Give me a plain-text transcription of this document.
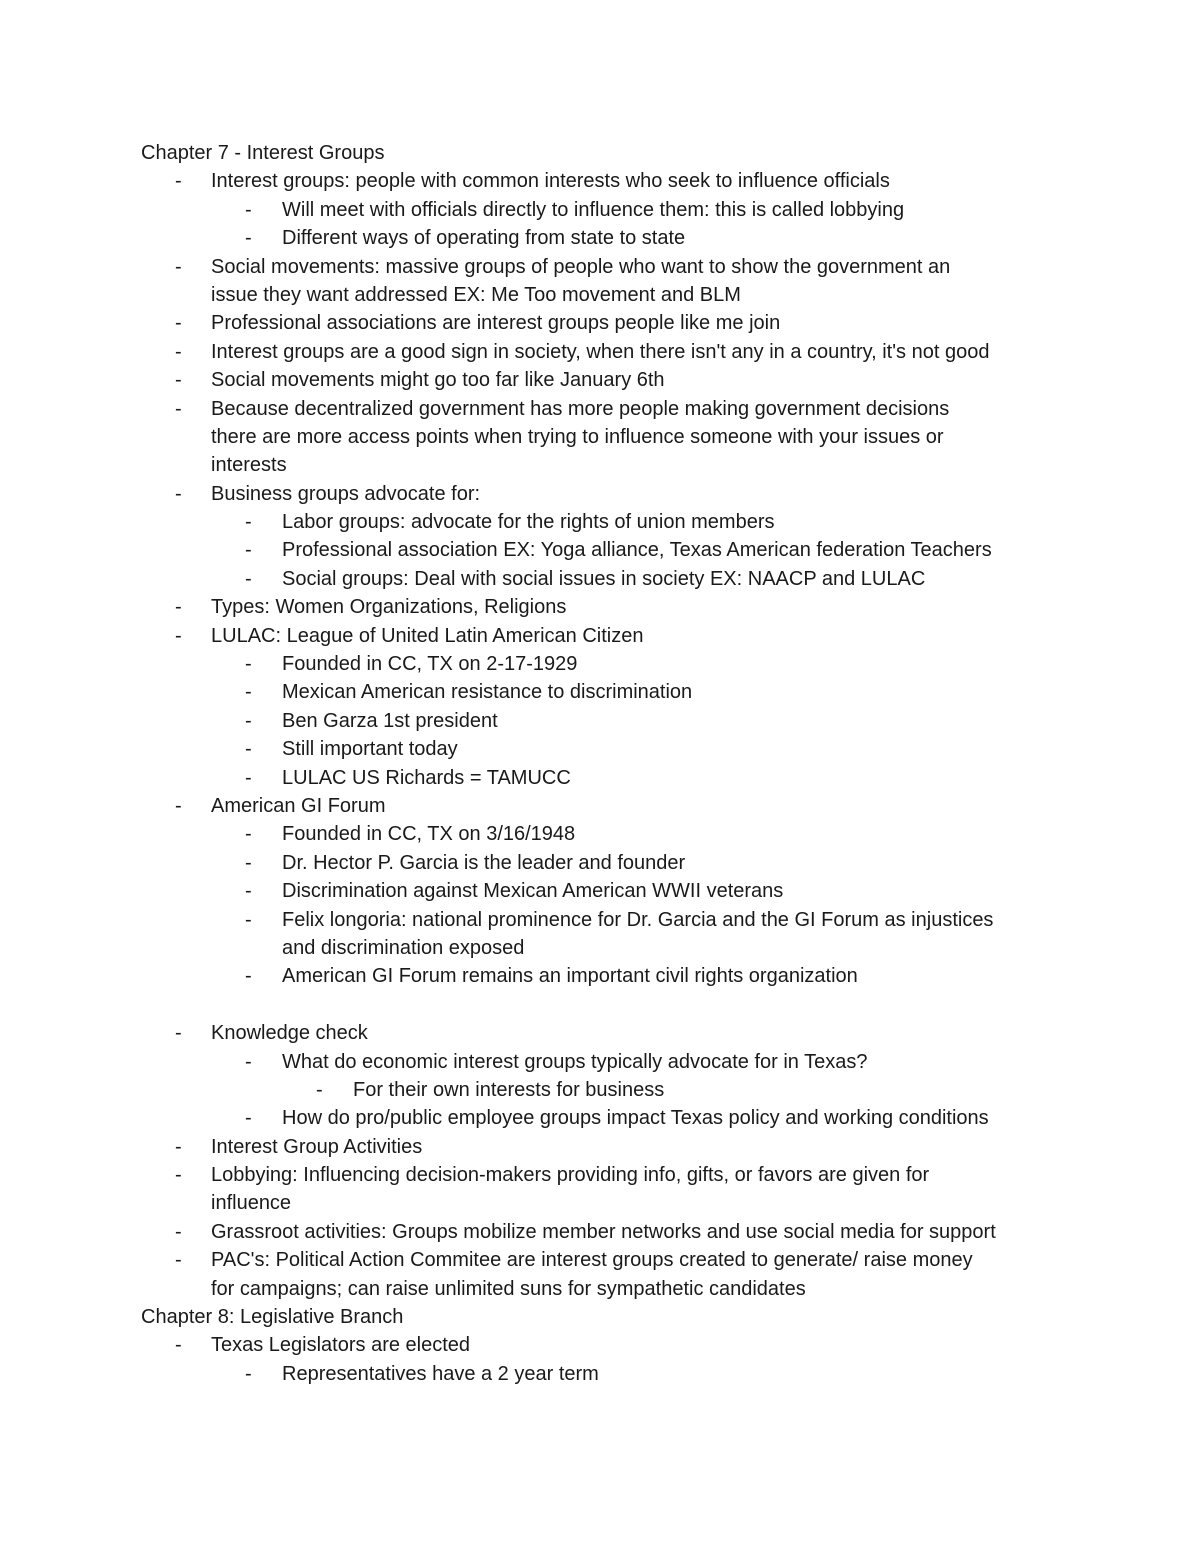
Chapter 7 - Interest Groups
- Interest groups: people with common interests who seek to influence officials
- Will meet with officials directly to influence them: this is called lobbying
- Different ways of operating from state to state
- Social movements: massive groups of people who want to show the government an
issue they want addressed EX: Me Too movement and BLM
- Professional associations are interest groups people like me join
- Interest groups are a good sign in society, when there isn't any in a country, it's not good
- Social movements might go too far like January 6th
- Because decentralized government has more people making government decisions
there are more access points when trying to influence someone with your issues or
interests
- Business groups advocate for:
- Labor groups: advocate for the rights of union members
- Professional association EX: Yoga alliance, Texas American federation Teachers
- Social groups: Deal with social issues in society EX: NAACP and LULAC
- Types: Women Organizations, Religions
- LULAC: League of United Latin American Citizen
- Founded in CC, TX on 2-17-1929
- Mexican American resistance to discrimination
- Ben Garza 1st president
- Still important today
- LULAC US Richards = TAMUCC
- American GI Forum
- Founded in CC, TX on 3/16/1948
- Dr. Hector P. Garcia is the leader and founder
- Discrimination against Mexican American WWII veterans
- Felix longoria: national prominence for Dr. Garcia and the GI Forum as injustices
and discrimination exposed
- American GI Forum remains an important civil rights organization
- Knowledge check
- What do economic interest groups typically advocate for in Texas?
- For their own interests for business
- How do pro/public employee groups impact Texas policy and working conditions
- Interest Group Activities
- Lobbying: Influencing decision-makers providing info, gifts, or favors are given for
influence
- Grassroot activities: Groups mobilize member networks and use social media for support
- PAC's: Political Action Commitee are interest groups created to generate/ raise money
for campaigns; can raise unlimited suns for sympathetic candidates
Chapter 8: Legislative Branch
- Texas Legislators are elected
- Representatives have a 2 year term
